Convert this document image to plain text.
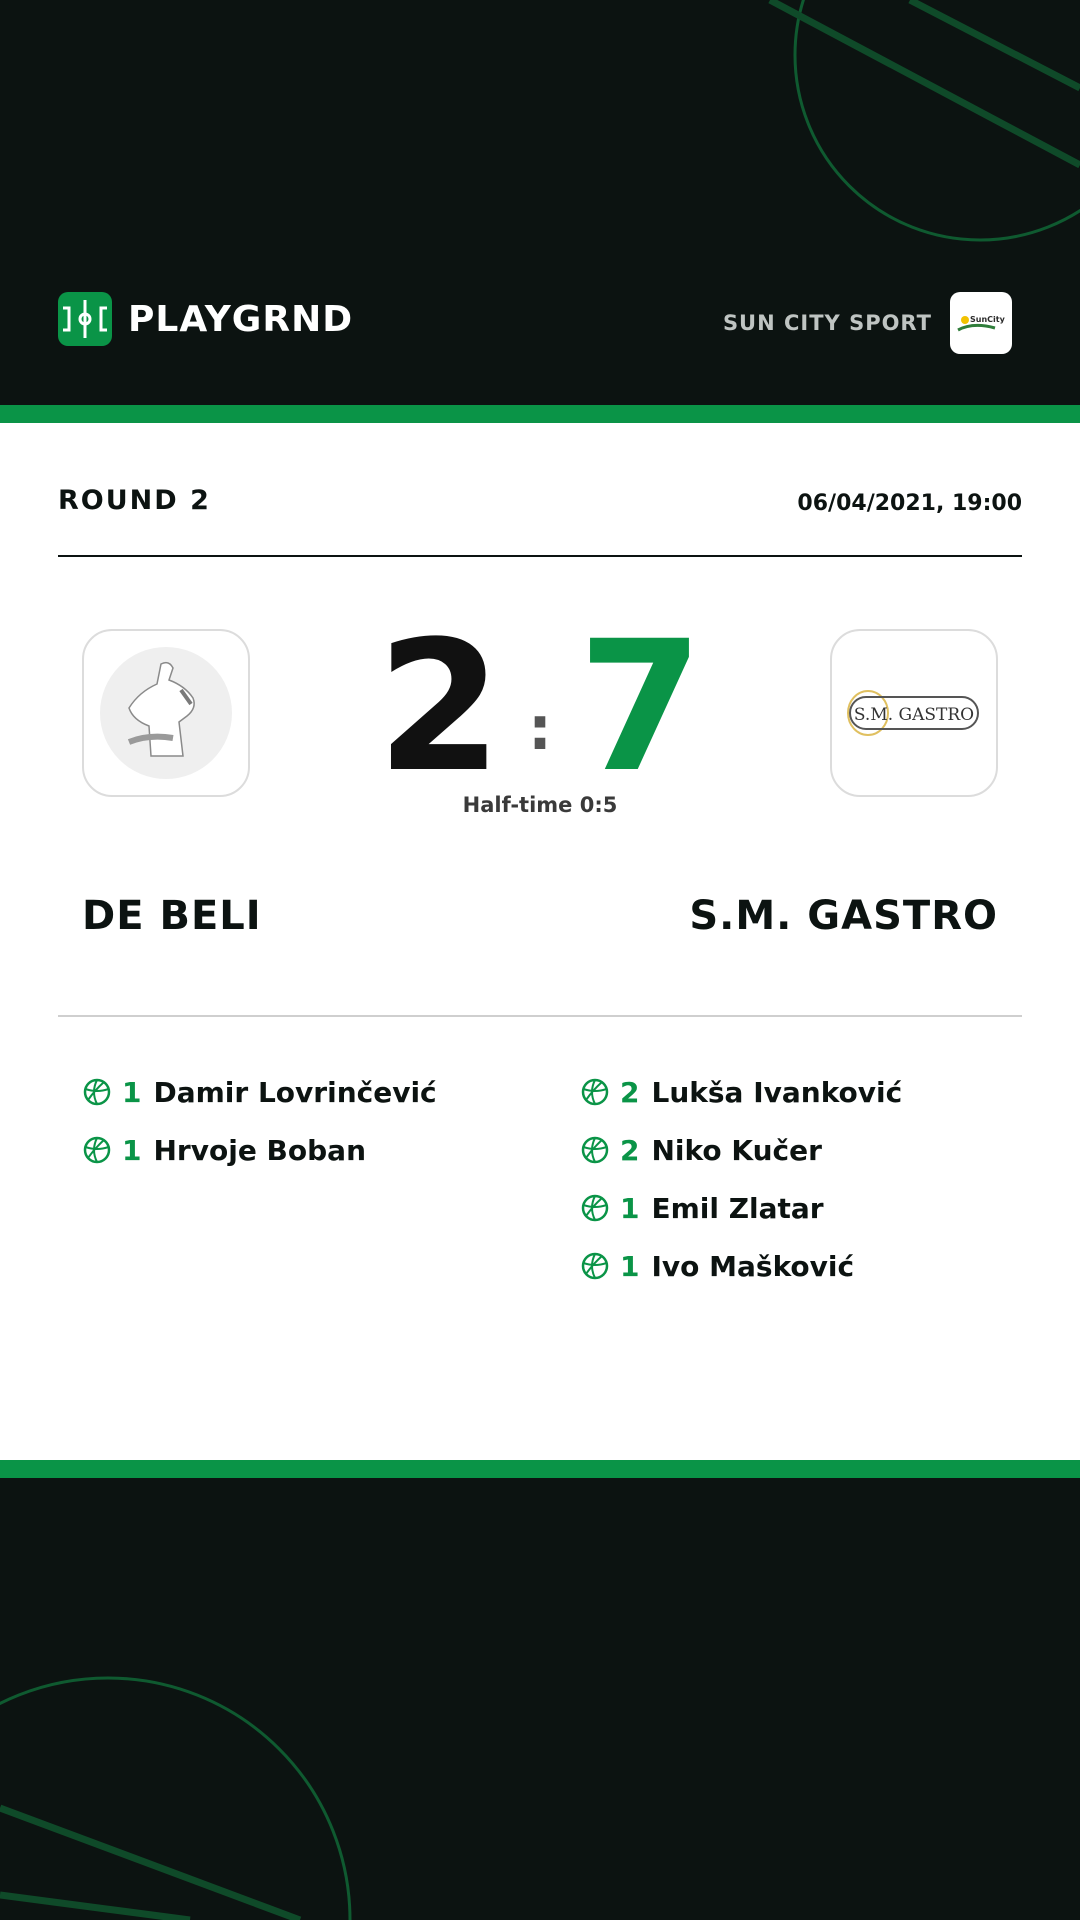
PLAYGRND	SUN CITY SPORT	SunCity
ROUND 2	06/04/2021, 19:00
S.M. GASTRO
2 : 7
Half-time 0:5
DE BELI	S.M. GASTRO
1 Damir Lovrinčević
1 Hrvoje Boban
2 Lukša Ivanković
2 Niko Kučer
1 Emil Zlatar
1 Ivo Mašković
